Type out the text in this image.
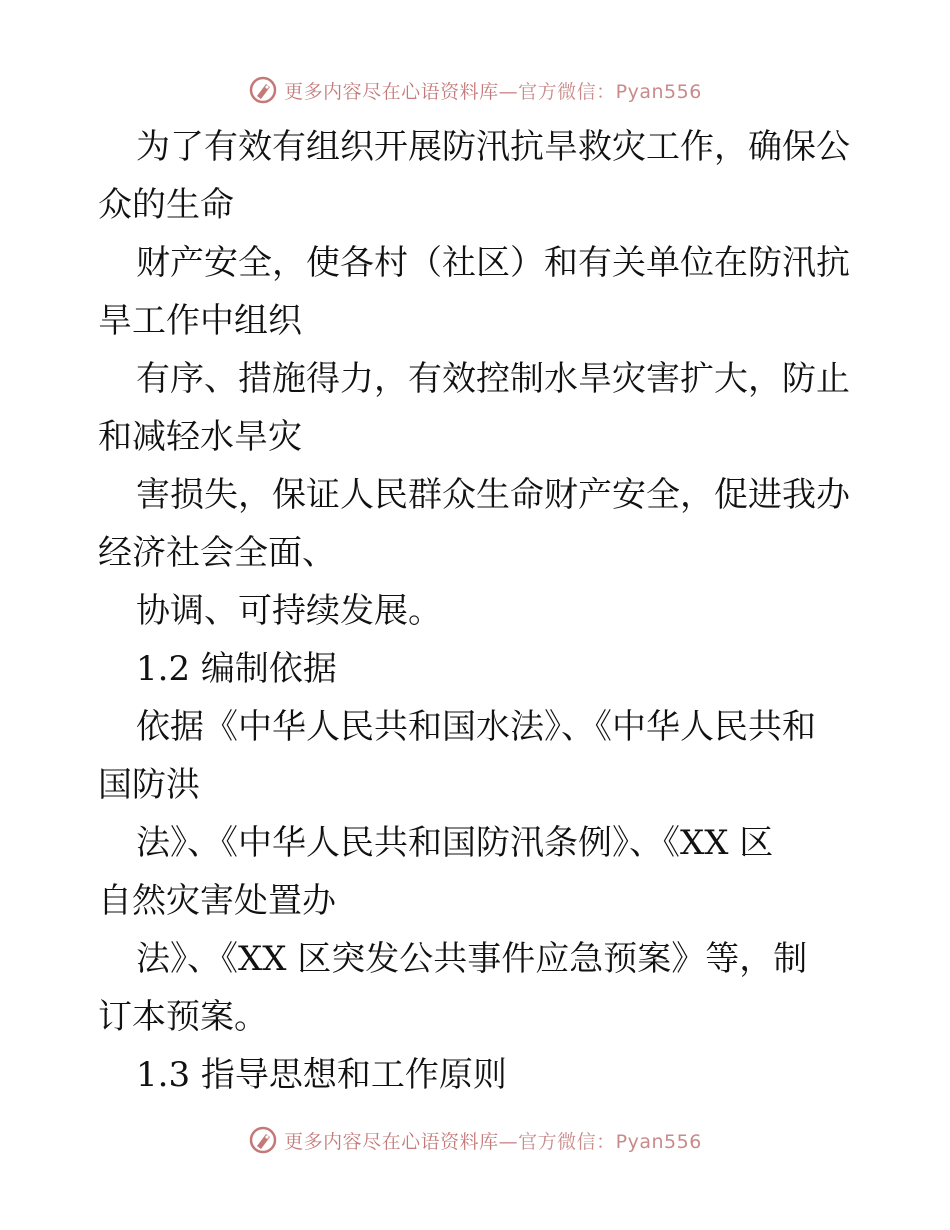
更多内容尽在心语资料库 —官方微信：Pyan556

为了有效有组织开展防汛抗旱救灾工作，确保公

众的生命

财产安全，使各村（社区）和有关单位在防汛抗

旱工作中组织

有序、措施得力，有效控制水旱灾害扩大，防止

和减轻水旱灾

害损失，保证人民群众生命财产安全，促进我办

经济社会全面、

协调、可持续发展。

1.2 编制依据

依据《中华人民共和国水法》、《中华人民共和

国防洪

法》、《中华人民共和国防汛条例》、《XX 区

自然灾害处置办

法》、《XX 区突发公共事件应急预案》等，制

订本预案。

1.3 指导思想和工作原则

更多内容尽在心语资料库 —官方微信：Pyan556
